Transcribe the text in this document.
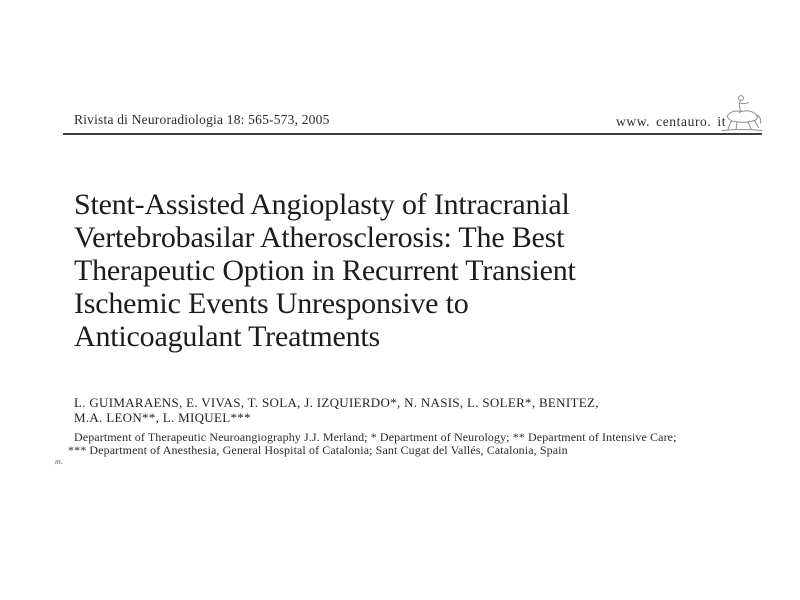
Rivista di Neuroradiologia 18: 565-573, 2005	www. centauro. it
Stent-Assisted Angioplasty of Intracranial
Vertebrobasilar Atherosclerosis: The Best
Therapeutic Option in Recurrent Transient
Ischemic Events Unresponsive to
Anticoagulant Treatments
L. GUIMARAENS, E. VIVAS, T. SOLA, J. IZQUIERDO*, N. NASIS, L. SOLER*, BENITEZ,
M.A. LEON**, L. MIQUEL***
Department of Therapeutic Neuroangiography J.J. Merland; * Department of Neurology; ** Department of Intensive Care;
*** Department of Anesthesia, General Hospital of Catalonia; Sant Cugat del Vallés, Catalonia, Spain
m.
